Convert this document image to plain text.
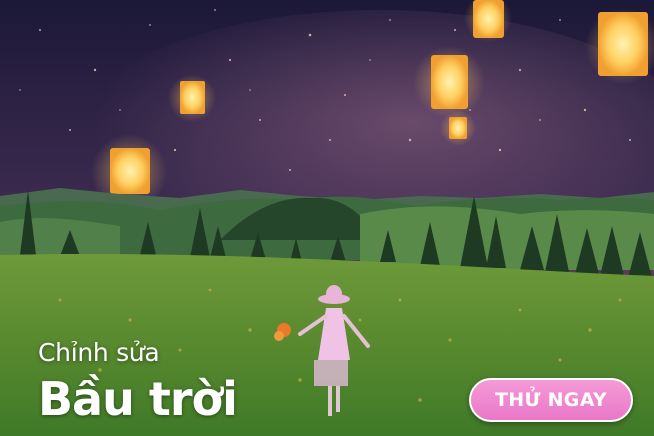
Chỉnh sửa
Bầu trời	THỬ NGAY
